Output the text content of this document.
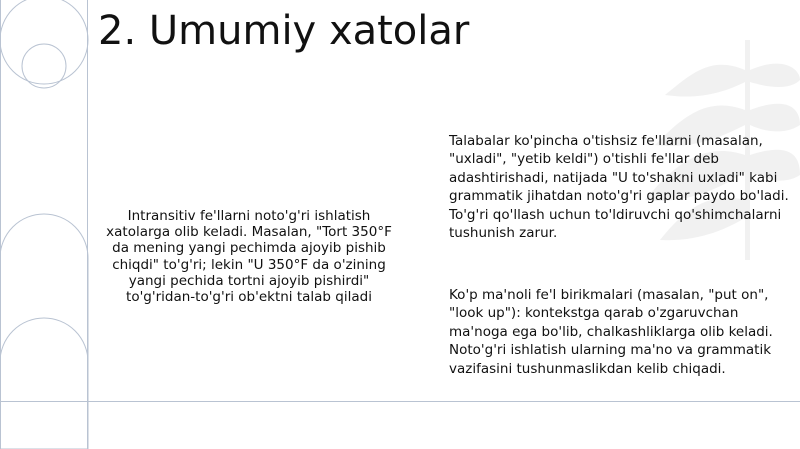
2. Umumiy xatolar

Intransitiv fe'llarni noto'g'ri ishlatish xatolarga olib keladi. Masalan, "Tort 350°F da mening yangi pechimda ajoyib pishib chiqdi" to'g'ri; lekin "U 350°F da o'zining yangi pechida tortni ajoyib pishirdi" to'g'ridan-to'g'ri ob'ektni talab qiladi

Talabalar ko'pincha o'tishsiz fe'llarni (masalan, "uxladi", "yetib keldi") o'tishli fe'llar deb adashtirishadi, natijada "U to'shakni uxladi" kabi grammatik jihatdan noto'g'ri gaplar paydo bo'ladi. To'g'ri qo'llash uchun to'ldiruvchi qo'shimchalarni tushunish zarur.

Ko'p ma'noli fe'l birikmalari (masalan, "put on", "look up"): kontekstga qarab o'zgaruvchan ma'noga ega bo'lib, chalkashliklarga olib keladi. Noto'g'ri ishlatish ularning ma'no va grammatik vazifasini tushunmaslikdan kelib chiqadi.
